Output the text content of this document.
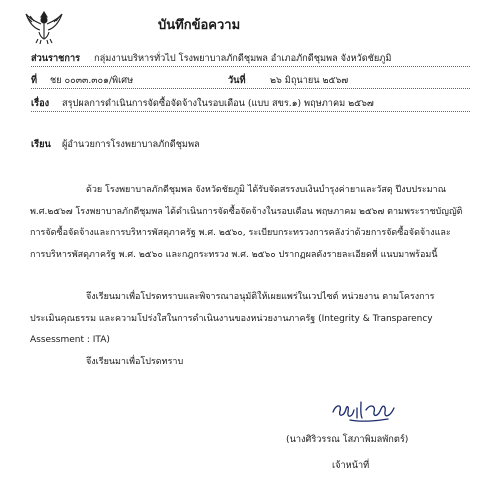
บันทึกข้อความ
ส่วนราชการ กลุ่มงานบริหารทั่วไป โรงพยาบาลภักดีชุมพล อำเภอภักดีชุมพล จังหวัดชัยภูมิ
ที่ ชย ๐๐๓๓.๓๐๑/พิเศษ	วันที่	๒๖ มิถุนายน ๒๕๖๗
เรื่อง สรุปผลการดำเนินการจัดซื้อจัดจ้างในรอบเดือน (แบบ สขร.๑) พฤษภาคม ๒๕๖๗
เรียน ผู้อำนวยการโรงพยาบาลภักดีชุมพล
ด้วย โรงพยาบาลภักดีชุมพล จังหวัดชัยภูมิ ได้รับจัดสรรงบเงินบำรุงค่ายาและวัสดุ ปีงบประมาณ พ.ศ.๒๕๖๗ โรงพยาบาลภักดีชุมพล ได้ดำเนินการจัดซื้อจัดจ้างในรอบเดือน พฤษภาคม ๒๕๖๗ ตามพระราชบัญญัติการจัดซื้อจัดจ้างและการบริหารพัสดุภาครัฐ พ.ศ. ๒๕๖๐, ระเบียบกระทรวงการคลังว่าด้วยการจัดซื้อจัดจ้างและการบริหารพัสดุภาครัฐ พ.ศ. ๒๕๖๐ และกฎกระทรวง พ.ศ. ๒๕๖๐ ปรากฏผลดังรายละเอียดที่ แนบมาพร้อมนี้
จึงเรียนมาเพื่อโปรดทราบและพิจารณาอนุมัติให้เผยแพร่ในเวปไซต์ หน่วยงาน ตามโครงการ ประเมินคุณธรรม และความโปร่งใสในการดำเนินงานของหน่วยงานภาครัฐ (Integrity & Transparency Assessment : ITA)
จึงเรียนมาเพื่อโปรดทราบ
(นางศิริวรรณ โสภาพิมลพักตร์)
เจ้าหน้าที่
